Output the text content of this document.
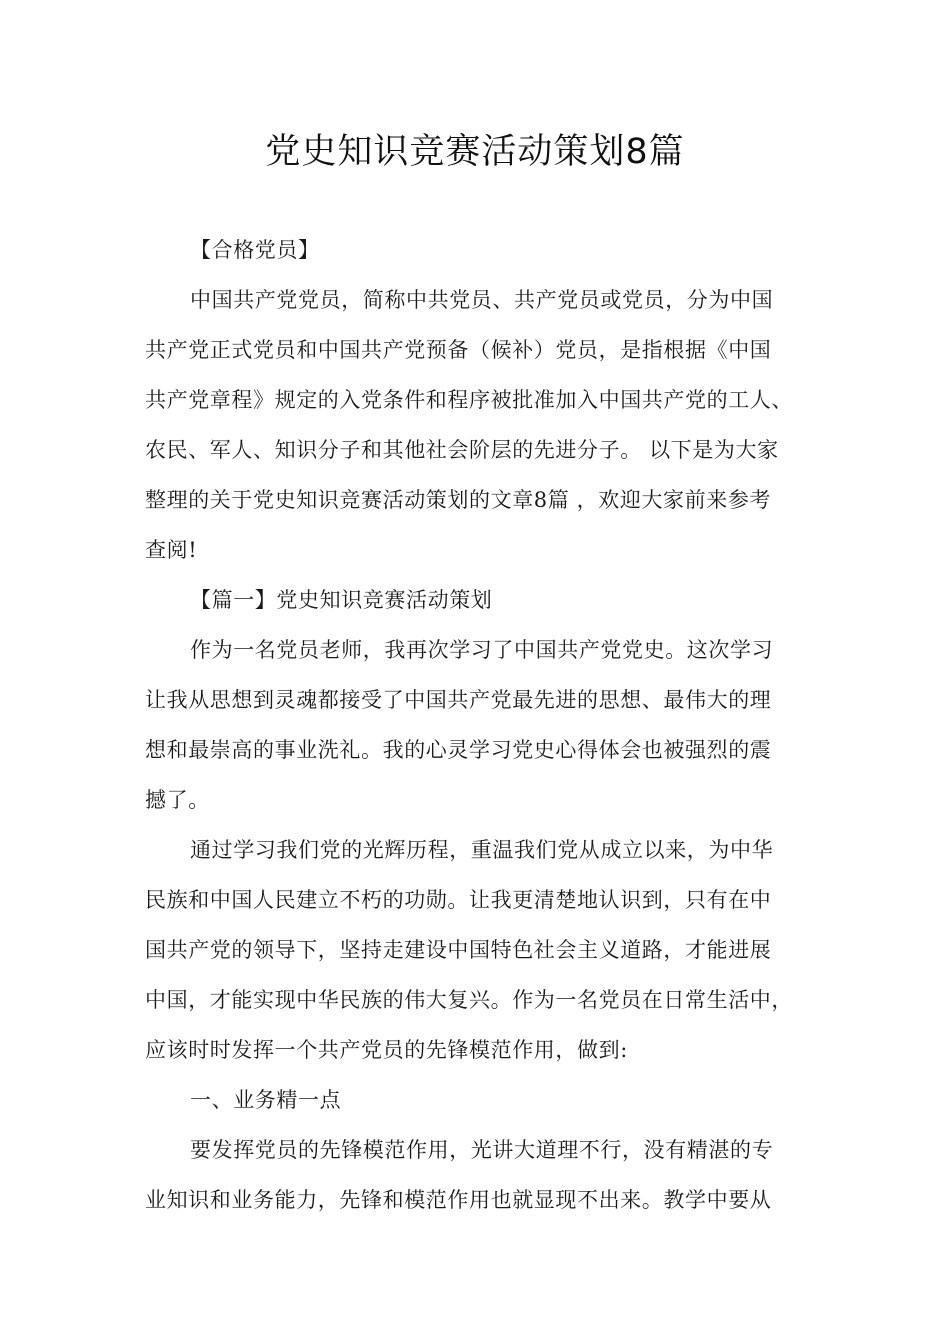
党史知识竞赛活动策划8篇
【合格党员】
中国共产党党员，简称中共党员、共产党员或党员，分为中国
共产党正式党员和中国共产党预备（候补）党员，是指根据《中国
共产党章程》规定的入党条件和程序被批准加入中国共产党的工人、
农民、军人、知识分子和其他社会阶层的先进分子。 以下是为大家
整理的关于党史知识竞赛活动策划的文章8篇 ，欢迎大家前来参考
查阅!
【篇一】党史知识竞赛活动策划
作为一名党员老师，我再次学习了中国共产党党史。这次学习
让我从思想到灵魂都接受了中国共产党最先进的思想、最伟大的理
想和最崇高的事业洗礼。我的心灵学习党史心得体会也被强烈的震
撼了。
通过学习我们党的光辉历程，重温我们党从成立以来，为中华
民族和中国人民建立不朽的功勋。让我更清楚地认识到，只有在中
国共产党的领导下，坚持走建设中国特色社会主义道路，才能进展
中国，才能实现中华民族的伟大复兴。作为一名党员在日常生活中，
应该时时发挥一个共产党员的先锋模范作用，做到:
一、业务精一点
要发挥党员的先锋模范作用，光讲大道理不行，没有精湛的专
业知识和业务能力，先锋和模范作用也就显现不出来。教学中要从
